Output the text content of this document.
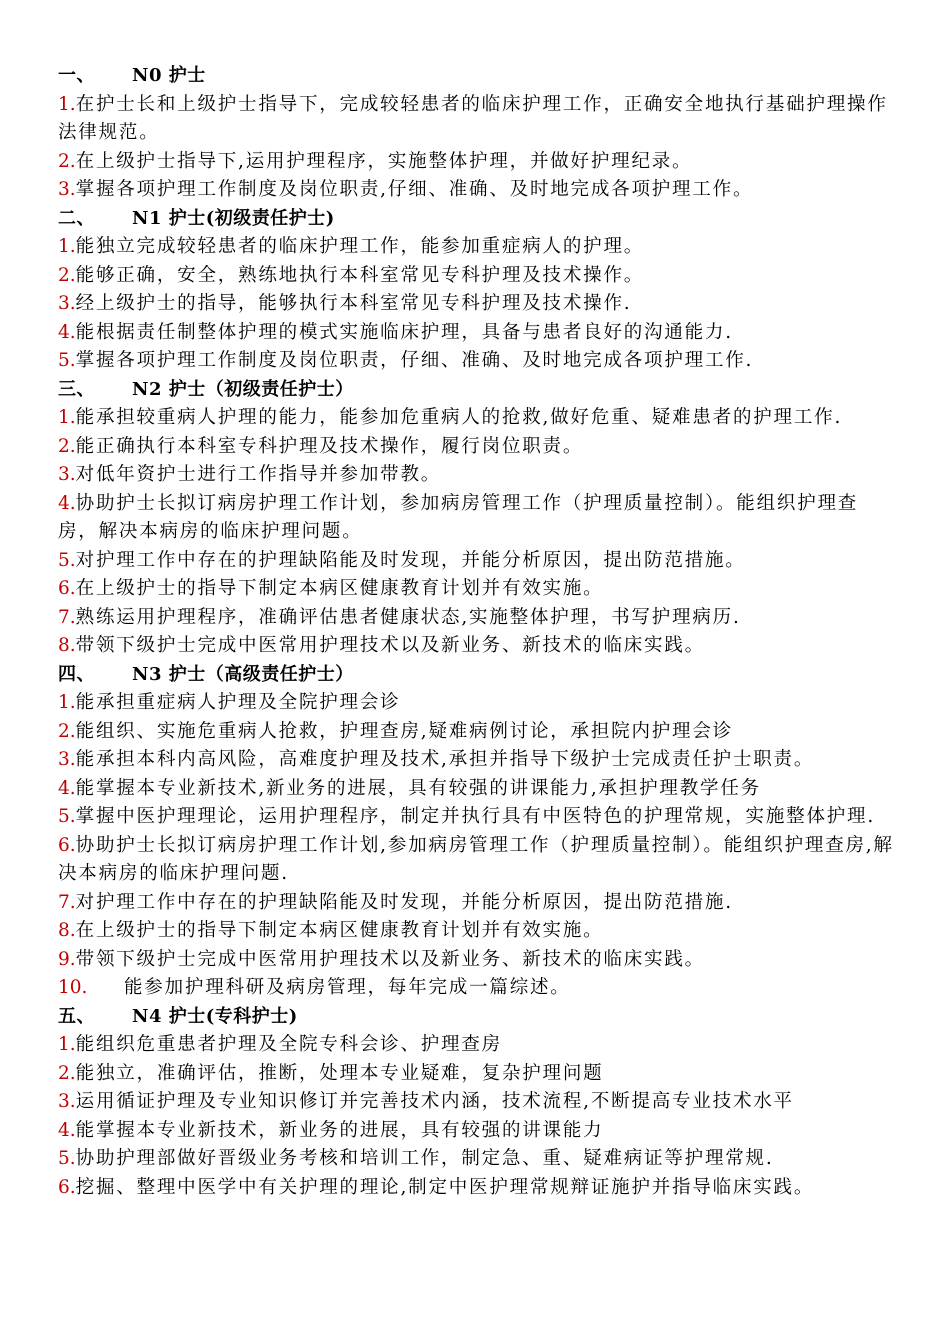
一、 N0 护士
1.在护士长和上级护士指导下，完成较轻患者的临床护理工作，正确安全地执行基础护理操作法律规范。
2.在上级护士指导下,运用护理程序，实施整体护理，并做好护理纪录。
3.掌握各项护理工作制度及岗位职责,仔细、准确、及时地完成各项护理工作。
二、 N1 护士(初级责任护士)
1.能独立完成较轻患者的临床护理工作，能参加重症病人的护理。
2.能够正确，安全，熟练地执行本科室常见专科护理及技术操作。
3.经上级护士的指导，能够执行本科室常见专科护理及技术操作.
4.能根据责任制整体护理的模式实施临床护理，具备与患者良好的沟通能力.
5.掌握各项护理工作制度及岗位职责，仔细、准确、及时地完成各项护理工作.
三、 N2 护士（初级责任护士）
1.能承担较重病人护理的能力，能参加危重病人的抢救,做好危重、疑难患者的护理工作.
2.能正确执行本科室专科护理及技术操作，履行岗位职责。
3.对低年资护士进行工作指导并参加带教。
4.协助护士长拟订病房护理工作计划，参加病房管理工作（护理质量控制）。能组织护理查房，解决本病房的临床护理问题。
5.对护理工作中存在的护理缺陷能及时发现，并能分析原因，提出防范措施。
6.在上级护士的指导下制定本病区健康教育计划并有效实施。
7.熟练运用护理程序，准确评估患者健康状态,实施整体护理，书写护理病历.
8.带领下级护士完成中医常用护理技术以及新业务、新技术的临床实践。
四、 N3 护士（高级责任护士）
1.能承担重症病人护理及全院护理会诊
2.能组织、实施危重病人抢救，护理查房,疑难病例讨论，承担院内护理会诊
3.能承担本科内高风险，高难度护理及技术,承担并指导下级护士完成责任护士职责。
4.能掌握本专业新技术,新业务的进展，具有较强的讲课能力,承担护理教学任务
5.掌握中医护理理论，运用护理程序，制定并执行具有中医特色的护理常规，实施整体护理.
6.协助护士长拟订病房护理工作计划,参加病房管理工作（护理质量控制）。能组织护理查房,解决本病房的临床护理问题.
7.对护理工作中存在的护理缺陷能及时发现，并能分析原因，提出防范措施.
8.在上级护士的指导下制定本病区健康教育计划并有效实施。
9.带领下级护士完成中医常用护理技术以及新业务、新技术的临床实践。
10. 能参加护理科研及病房管理，每年完成一篇综述。
五、 N4 护士(专科护士)
1.能组织危重患者护理及全院专科会诊、护理查房
2.能独立，准确评估，推断，处理本专业疑难，复杂护理问题
3.运用循证护理及专业知识修订并完善技术内涵，技术流程,不断提高专业技术水平
4.能掌握本专业新技术，新业务的进展，具有较强的讲课能力
5.协助护理部做好晋级业务考核和培训工作，制定急、重、疑难病证等护理常规.
6.挖掘、整理中医学中有关护理的理论,制定中医护理常规辩证施护并指导临床实践。
